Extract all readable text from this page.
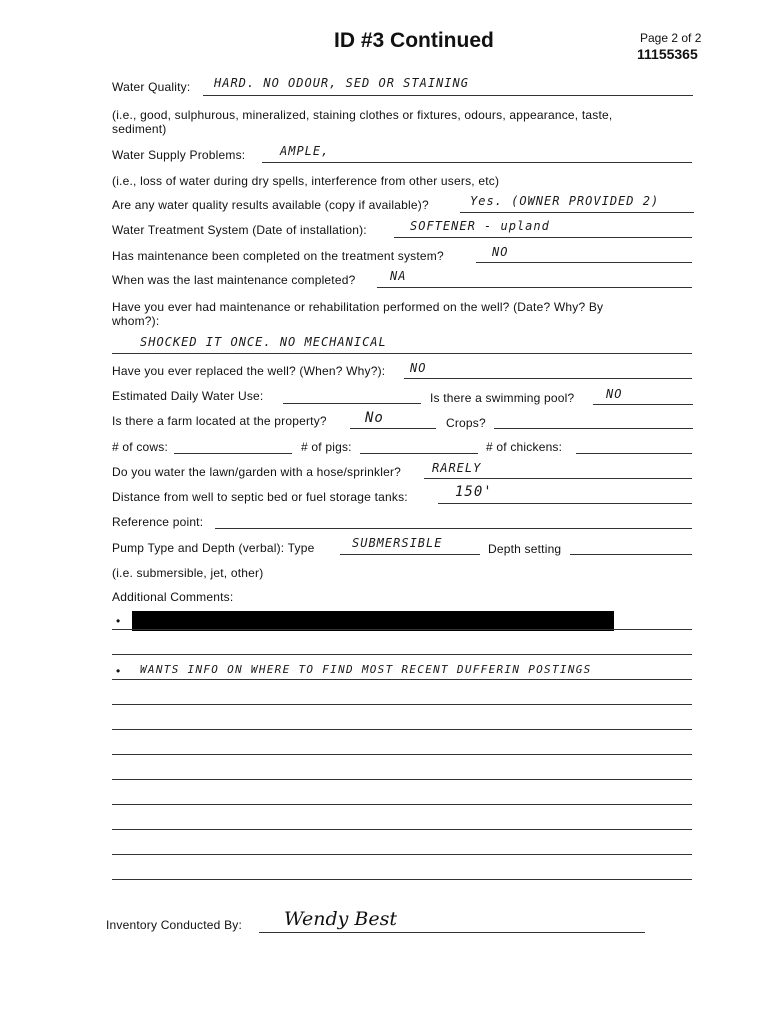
ID #3 Continued	Page 2 of 2
11155365
Water Quality: HARD. NO ODOUR, SED OR STAINING
(i.e., good, sulphurous, mineralized, staining clothes or fixtures, odours, appearance, taste,
sediment)
Water Supply Problems:	AMPLE,
(i.e., loss of water during dry spells, interference from other users, etc)
Are any water quality results available (copy if available)?	Yes. (OWNER PROVIDED 2)
Water Treatment System (Date of installation):	SOFTENER - upland
Has maintenance been completed on the treatment system?	NO
When was the last maintenance completed?	NA
Have you ever had maintenance or rehabilitation performed on the well? (Date? Why? By
whom?):
SHOCKED IT ONCE. NO MECHANICAL
Have you ever replaced the well? (When? Why?): NO
Estimated Daily Water Use:	Is there a swimming pool?	NO
Is there a farm located at the property?	No	Crops?
# of cows:	# of pigs:	# of chickens:
Do you water the lawn/garden with a hose/sprinkler?	RARELY
Distance from well to septic bed or fuel storage tanks:	150'
Reference point:
Pump Type and Depth (verbal): Type	SUBMERSIBLE	Depth setting
(i.e. submersible, jet, other)
Additional Comments:
•
• WANTS INFO ON WHERE TO FIND MOST RECENT DUFFERIN POSTINGS
Inventory Conducted By: Wendy Best
